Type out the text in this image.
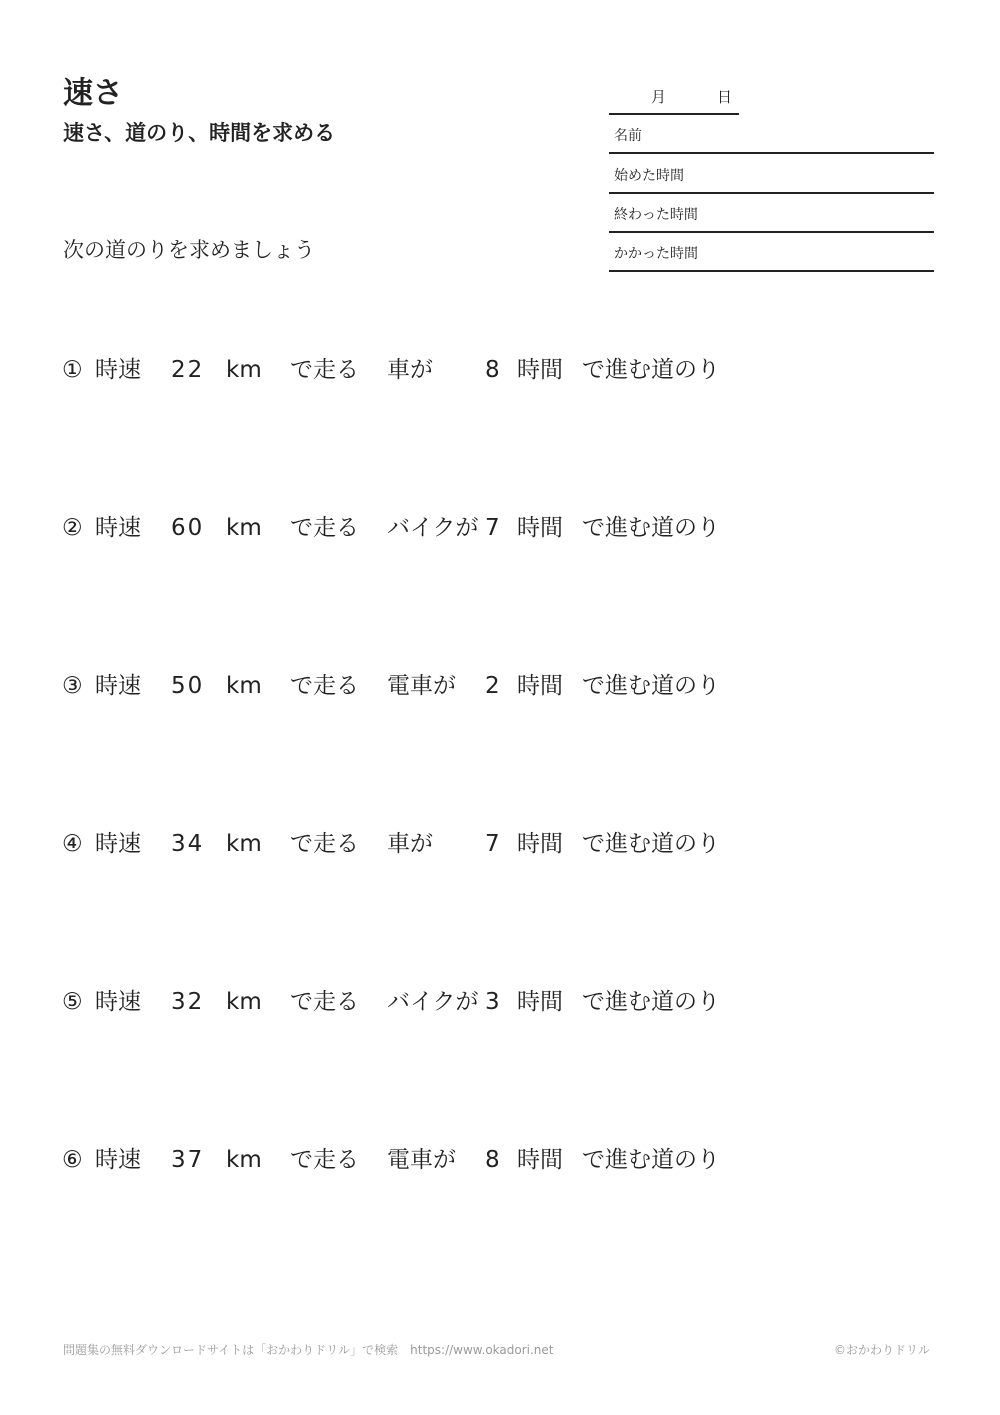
速さ
速さ、道のり、時間を求める
次の道のりを求めましょう
月	日
名前
始めた時間
終わった時間
かかった時間
① 時速 22 km で走る 車が 8 時間 で進む道のり
② 時速 60 km で走る バイクが 7 時間 で進む道のり
③ 時速 50 km で走る 電車が 2 時間 で進む道のり
④ 時速 34 km で走る 車が 7 時間 で進む道のり
⑤ 時速 32 km で走る バイクが 3 時間 で進む道のり
⑥ 時速 37 km で走る 電車が 8 時間 で進む道のり
問題集の無料ダウンロードサイトは「おかわりドリル」で検索　https://www.okadori.net	©おかわりドリル
